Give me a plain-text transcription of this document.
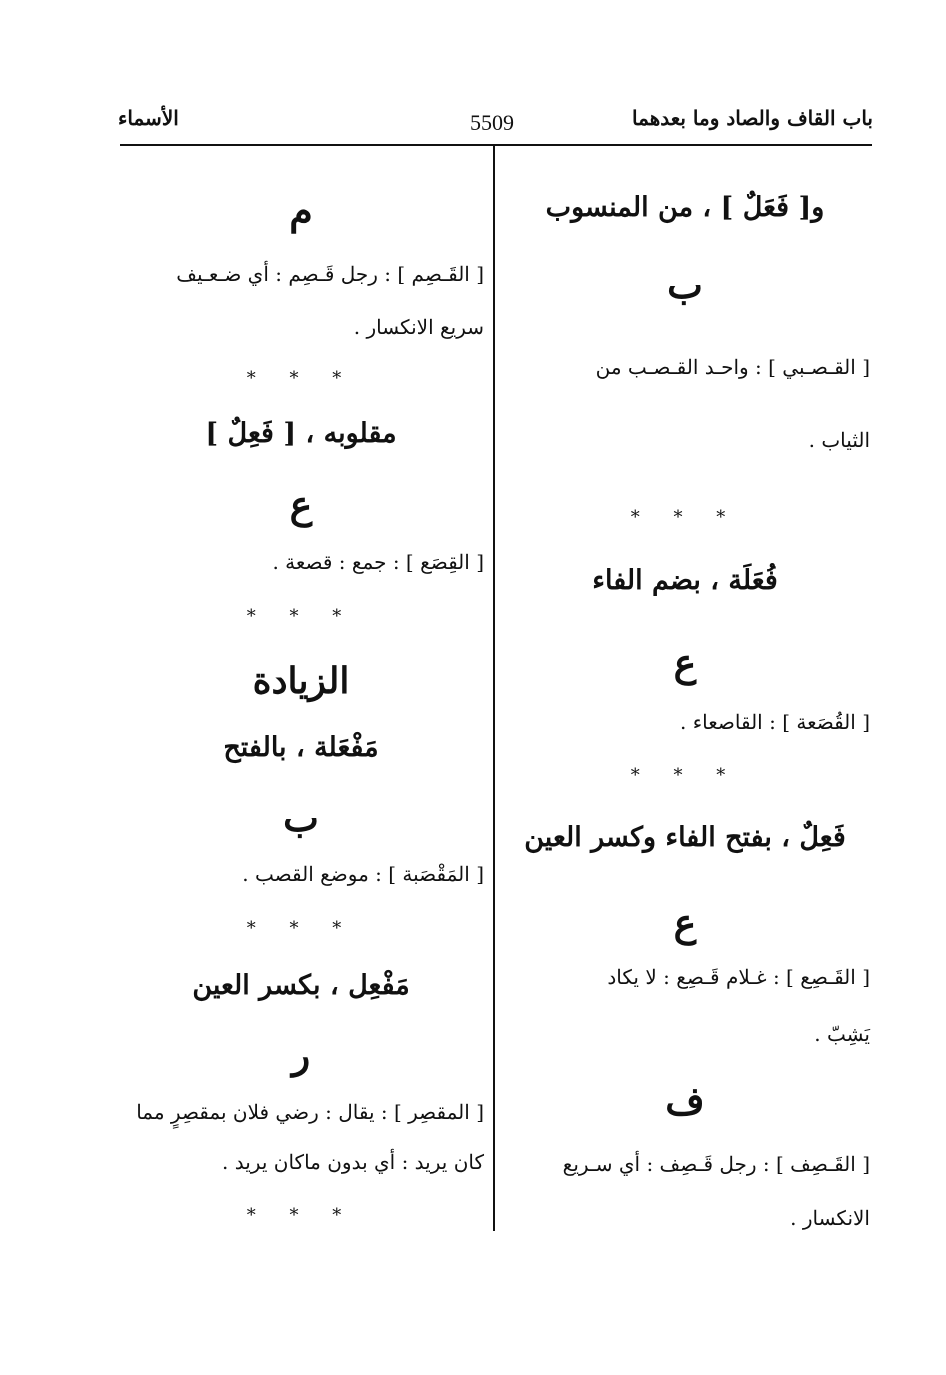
باب القاف والصاد وما بعدهما
5509
الأسماء
و[ فَعَلٌ ] ، من المنسوب
ب
[ القـصـبي ] : واحـد القـصـب من
الثياب .
* * *
فُعَلَة ، بضم الفاء
ع
[ القُصَعة ] : القاصعاء .
* * *
فَعِلٌ ، بفتح الفاء وكسر العين
ع
[ القَـصِع ] : غـلام قَـصِع : لا يكاد
يَشِبّ .
ف
[ القَـصِف ] : رجل قَـصِف : أي سـريع
الانكسار .
م
[ القَـصِم ] : رجل قَـصِم : أي ضـعـيف
سريع الانكسار .
* * *
مقلوبه ، [ فَعِلٌ ]
ع
[ القِصَع ] : جمع : قصعة .
* * *
الزيادة
مَفْعَلة ، بالفتح
ب
[ المَقْصَبة ] : موضع القصب .
* * *
مَفْعِل ، بكسر العين
ر
[ المقصِر ] : يقال : رضي فلان بمقصِرٍ مما
كان يريد : أي بدون ماكان يريد .
* * *
